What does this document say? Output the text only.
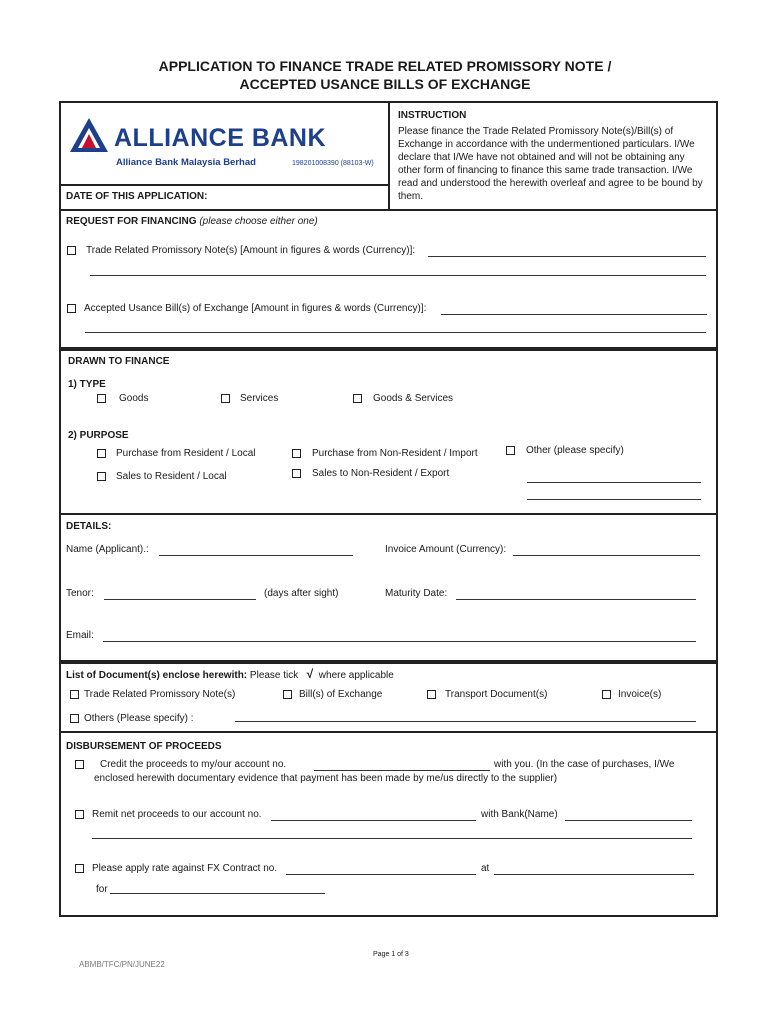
APPLICATION TO FINANCE TRADE RELATED PROMISSORY NOTE /
ACCEPTED USANCE BILLS OF EXCHANGE
ALLIANCE BANK
Alliance Bank Malaysia Berhad	198201008390 (88103-W)
DATE OF THIS APPLICATION:
INSTRUCTION
Please finance the Trade Related Promissory Note(s)/Bill(s) of
Exchange in accordance with the undermentioned particulars. I/We
declare that I/We have not obtained and will not be obtaining any
other form of financing to finance this same trade transaction. I/We
read and understood the herewith overleaf and agree to be bound by
them.
REQUEST FOR FINANCING (please choose either one)
Trade Related Promissory Note(s) [Amount in figures & words (Currency)]:
Accepted Usance Bill(s) of Exchange [Amount in figures & words (Currency)]:
DRAWN TO FINANCE
1) TYPE
Goods	Services	Goods & Services
2) PURPOSE
Purchase from Resident / Local	Purchase from Non-Resident / Import	Other (please specify)
Sales to Resident / Local	Sales to Non-Resident / Export
DETAILS:
Name (Applicant).:	Invoice Amount (Currency):
Tenor:	(days after sight)	Maturity Date:
Email:
List of Document(s) enclose herewith: Please tick √ where applicable
Trade Related Promissory Note(s)	Bill(s) of Exchange	Transport Document(s)	Invoice(s)
Others (Please specify) :
DISBURSEMENT OF PROCEEDS
Credit the proceeds to my/our account no.	with you. (In the case of purchases, I/We
enclosed herewith documentary evidence that payment has been made by me/us directly to the supplier)
Remit net proceeds to our account no.	with Bank(Name)
Please apply rate against FX Contract no.	at
for
Page 1 of 3
ABMB/TFC/PN/JUNE22
